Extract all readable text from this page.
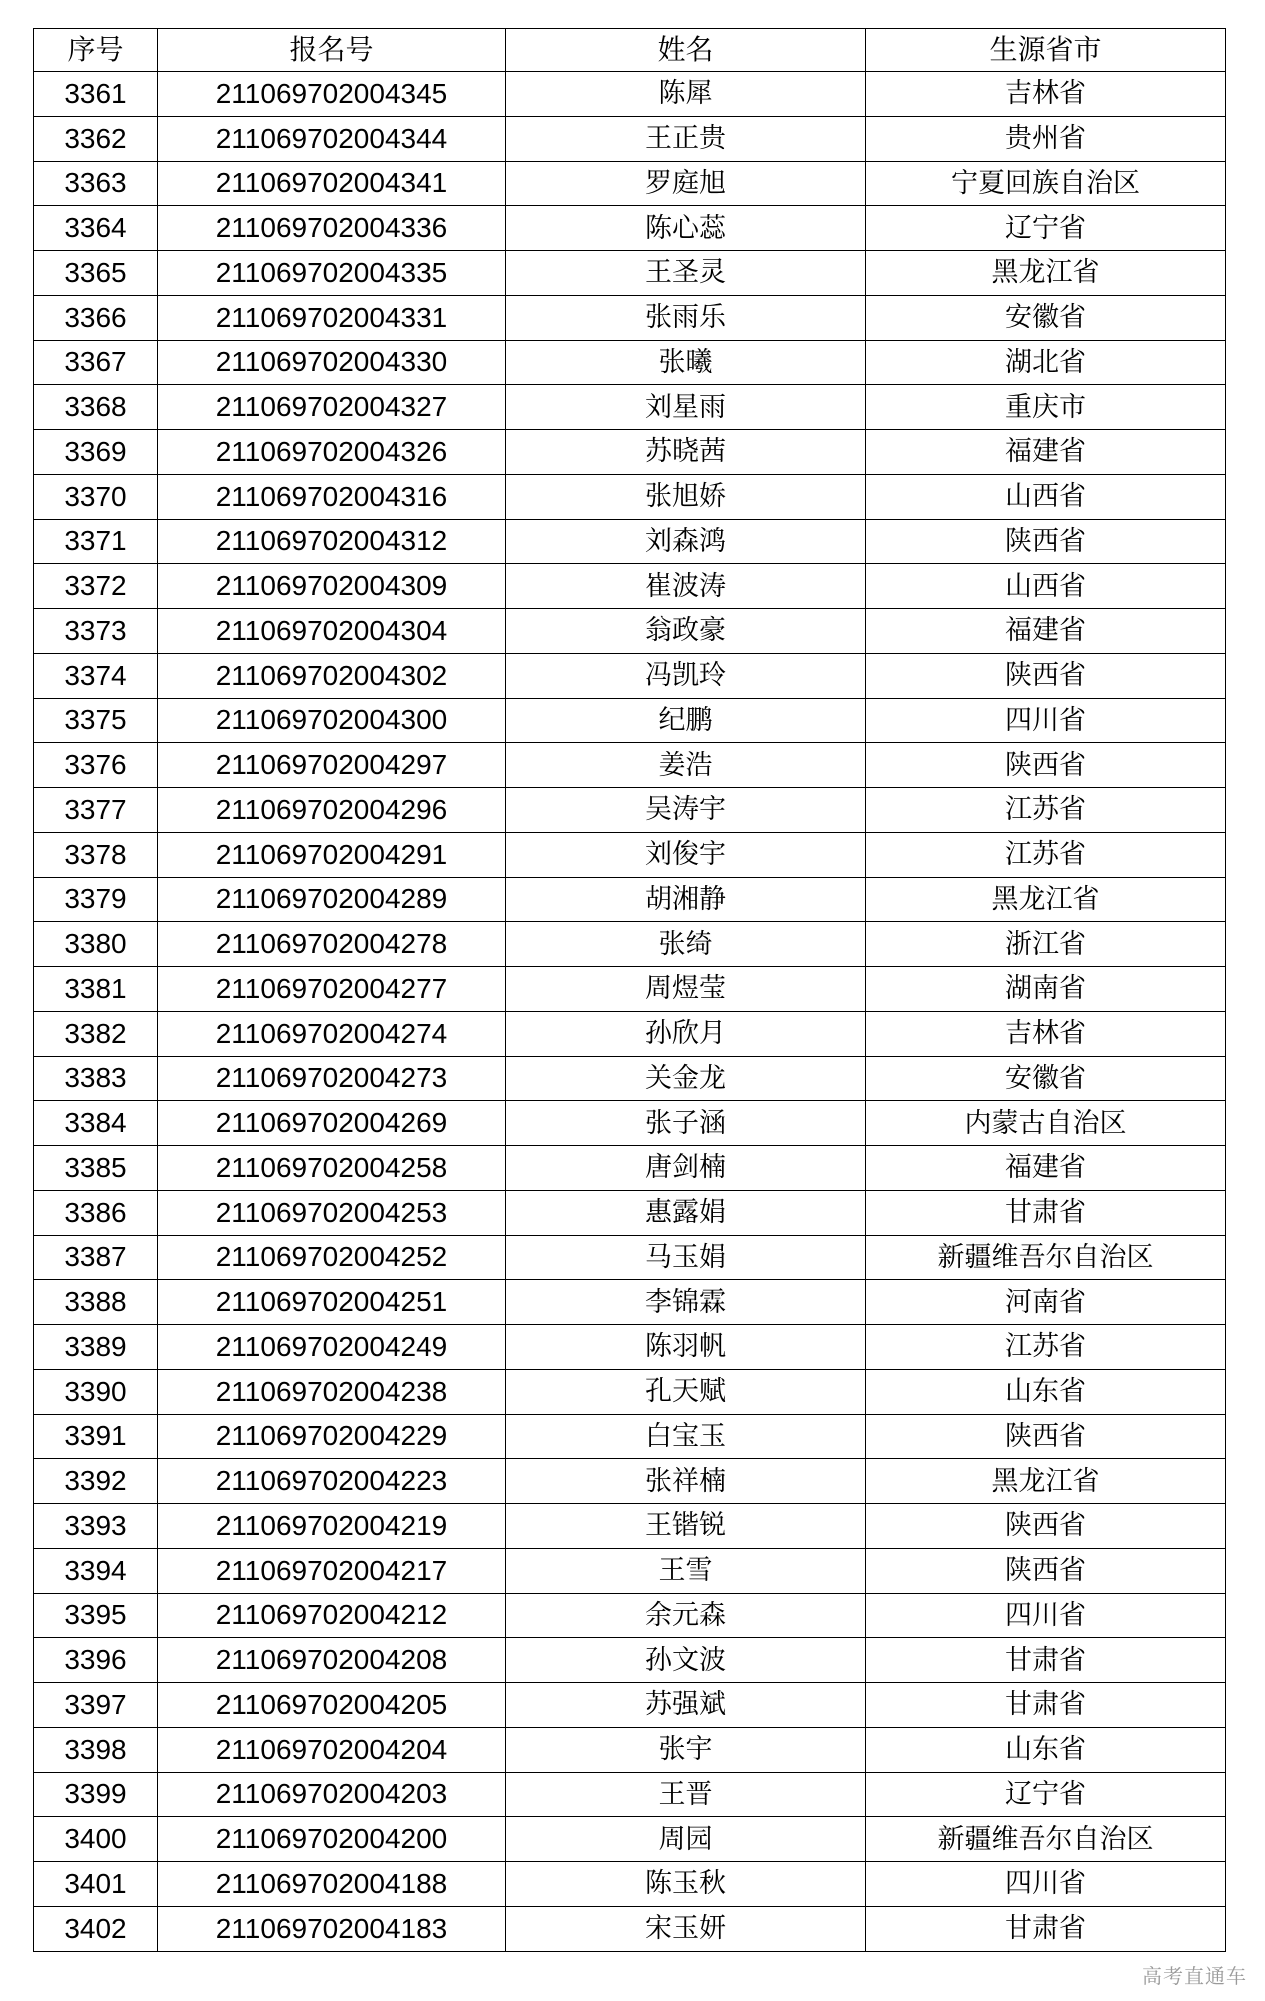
序号	报名号	姓名	生源省市
3361	211069702004345	陈犀	吉林省
3362	211069702004344	王正贵	贵州省
3363	211069702004341	罗庭旭	宁夏回族自治区
3364	211069702004336	陈心蕊	辽宁省
3365	211069702004335	王圣灵	黑龙江省
3366	211069702004331	张雨乐	安徽省
3367	211069702004330	张曦	湖北省
3368	211069702004327	刘星雨	重庆市
3369	211069702004326	苏晓茜	福建省
3370	211069702004316	张旭娇	山西省
3371	211069702004312	刘森鸿	陕西省
3372	211069702004309	崔波涛	山西省
3373	211069702004304	翁政豪	福建省
3374	211069702004302	冯凯玲	陕西省
3375	211069702004300	纪鹏	四川省
3376	211069702004297	姜浩	陕西省
3377	211069702004296	吴涛宇	江苏省
3378	211069702004291	刘俊宇	江苏省
3379	211069702004289	胡湘静	黑龙江省
3380	211069702004278	张绮	浙江省
3381	211069702004277	周煜莹	湖南省
3382	211069702004274	孙欣月	吉林省
3383	211069702004273	关金龙	安徽省
3384	211069702004269	张子涵	内蒙古自治区
3385	211069702004258	唐剑楠	福建省
3386	211069702004253	惠露娟	甘肃省
3387	211069702004252	马玉娟	新疆维吾尔自治区
3388	211069702004251	李锦霖	河南省
3389	211069702004249	陈羽帆	江苏省
3390	211069702004238	孔天赋	山东省
3391	211069702004229	白宝玉	陕西省
3392	211069702004223	张祥楠	黑龙江省
3393	211069702004219	王锴锐	陕西省
3394	211069702004217	王雪	陕西省
3395	211069702004212	余元森	四川省
3396	211069702004208	孙文波	甘肃省
3397	211069702004205	苏强斌	甘肃省
3398	211069702004204	张宇	山东省
3399	211069702004203	王晋	辽宁省
3400	211069702004200	周园	新疆维吾尔自治区
3401	211069702004188	陈玉秋	四川省
3402	211069702004183	宋玉妍	甘肃省
高考直通车
